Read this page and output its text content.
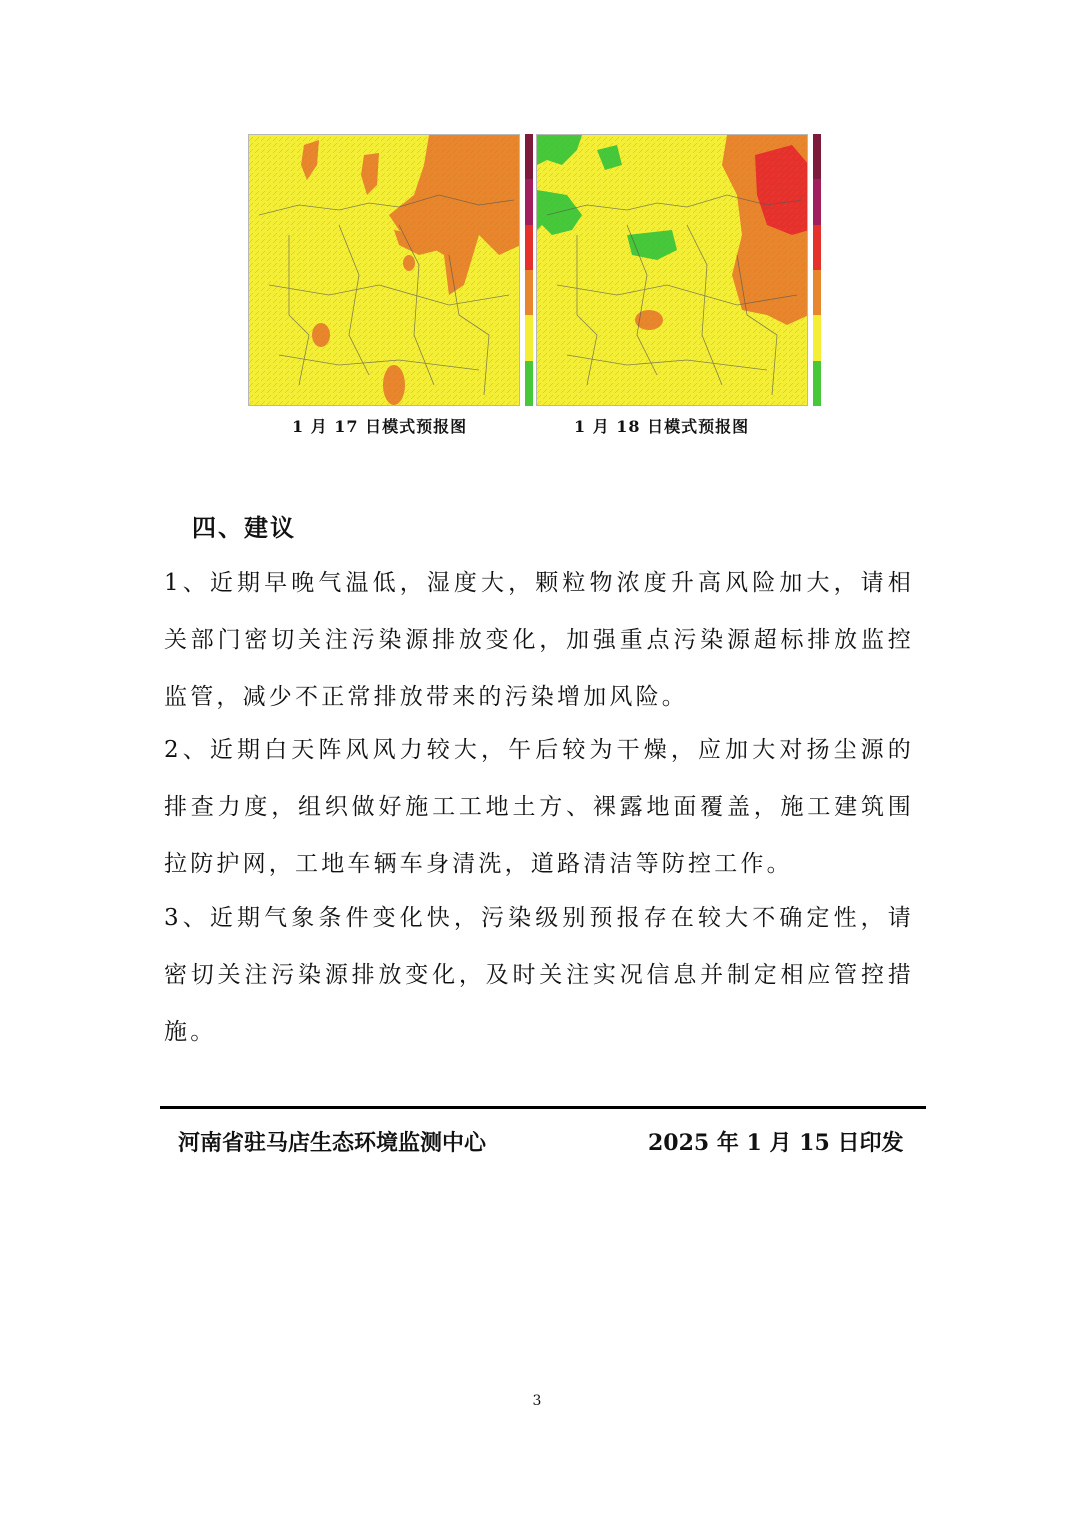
1 月 17 日模式预报图	1 月 18 日模式预报图
四、建议
1、近期早晚气温低，湿度大，颗粒物浓度升高风险加大，请相关部门密切关注污染源排放变化，加强重点污染源超标排放监控监管，减少不正常排放带来的污染增加风险。
2、近期白天阵风风力较大，午后较为干燥，应加大对扬尘源的排查力度，组织做好施工工地土方、裸露地面覆盖，施工建筑围拉防护网，工地车辆车身清洗，道路清洁等防控工作。
3、近期气象条件变化快，污染级别预报存在较大不确定性，请密切关注污染源排放变化，及时关注实况信息并制定相应管控措施。
河南省驻马店生态环境监测中心	2025 年 1 月 15 日印发
3
